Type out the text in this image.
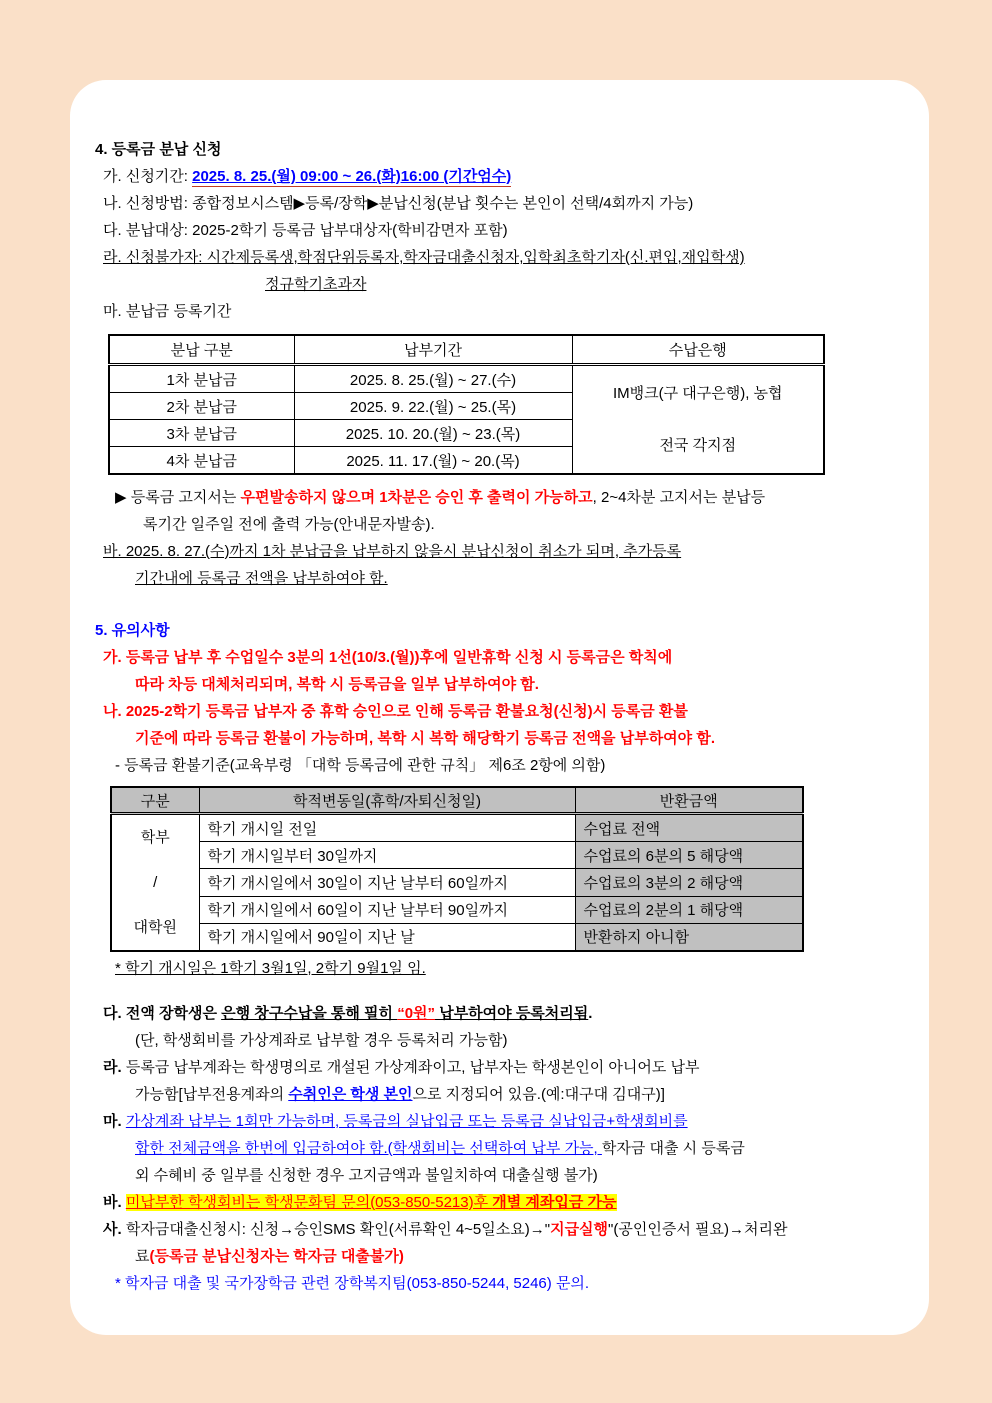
4. 등록금 분납 신청
가. 신청기간: 2025. 8. 25.(월) 09:00 ~ 26.(화)16:00 (기간엄수)
나. 신청방법: 종합정보시스템▶등록/장학▶분납신청(분납 횟수는 본인이 선택/4회까지 가능)
다. 분납대상: 2025-2학기 등록금 납부대상자(학비감면자 포함)
라. 신청불가자: 시간제등록생,학점단위등록자,학자금대출신청자,입학최초학기자(신.편입,재입학생)
정규학기초과자
마. 분납금 등록기간
분납 구분	납부기간	수납은행
1차 분납금	2025. 8. 25.(월) ~ 27.(수)	IM뱅크(구 대구은행), 농협
전국 각지점

2차 분납금	2025. 9. 22.(월) ~ 25.(목)	
3차 분납금	2025. 10. 20.(월) ~ 23.(목)	
4차 분납금	2025. 11. 17.(월) ~ 20.(목)	
▶ 등록금 고지서는 우편발송하지 않으며 1차분은 승인 후 출력이 가능하고, 2~4차분 고지서는 분납등
록기간 일주일 전에 출력 가능(안내문자발송).
바. 2025. 8. 27.(수)까지 1차 분납금을 납부하지 않을시 분납신청이 취소가 되며, 추가등록
기간내에 등록금 전액을 납부하여야 함.
5. 유의사항
가. 등록금 납부 후 수업일수 3분의 1선(10/3.(월))후에 일반휴학 신청 시 등록금은 학칙에
따라 차등 대체처리되며, 복학 시 등록금을 일부 납부하여야 함.
나. 2025-2학기 등록금 납부자 중 휴학 승인으로 인해 등록금 환불요청(신청)시 등록금 환불
기준에 따라 등록금 환불이 가능하며, 복학 시 복학 해당학기 등록금 전액을 납부하여야 함.
- 등록금 환불기준(교육부령 「대학 등록금에 관한 규칙」 제6조 2항에 의함)
구분	학적변동일(휴학/자퇴신청일)	반환금액

학부
/
대학원	학기 개시일 전일	수업료 전액
	학기 개시일부터 30일까지	수업료의 6분의 5 해당액
	학기 개시일에서 30일이 지난 날부터 60일까지	수업료의 3분의 2 해당액
	학기 개시일에서 60일이 지난 날부터 90일까지	수업료의 2분의 1 해당액
	학기 개시일에서 90일이 지난 날	반환하지 아니함
* 학기 개시일은 1학기 3월1일, 2학기 9월1일 임.
다. 전액 장학생은 은행 창구수납을 통해 필히 “0원” 납부하여야 등록처리됨.
(단, 학생회비를 가상계좌로 납부할 경우 등록처리 가능함)
라. 등록금 납부계좌는 학생명의로 개설된 가상계좌이고, 납부자는 학생본인이 아니어도 납부
가능함[납부전용계좌의 수취인은 학생 본인으로 지정되어 있음.(예:대구대 김대구)]
마. 가상계좌 납부는 1회만 가능하며, 등록금의 실납입금 또는 등록금 실납입금+학생회비를
합한 전체금액을 한번에 입금하여야 함.(학생회비는 선택하여 납부 가능, 학자금 대출 시 등록금
외 수혜비 중 일부를 신청한 경우 고지금액과 불일치하여 대출실행 불가)
바. 미납부한 학생회비는 학생문화팀 문의(053-850-5213)후 개별 계좌입금 가능
사. 학자금대출신청시: 신청→승인SMS 확인(서류확인 4~5일소요)→"지급실행"(공인인증서 필요)→처리완
료(등록금 분납신청자는 학자금 대출불가)
* 학자금 대출 및 국가장학금 관련 장학복지팀(053-850-5244, 5246) 문의.
